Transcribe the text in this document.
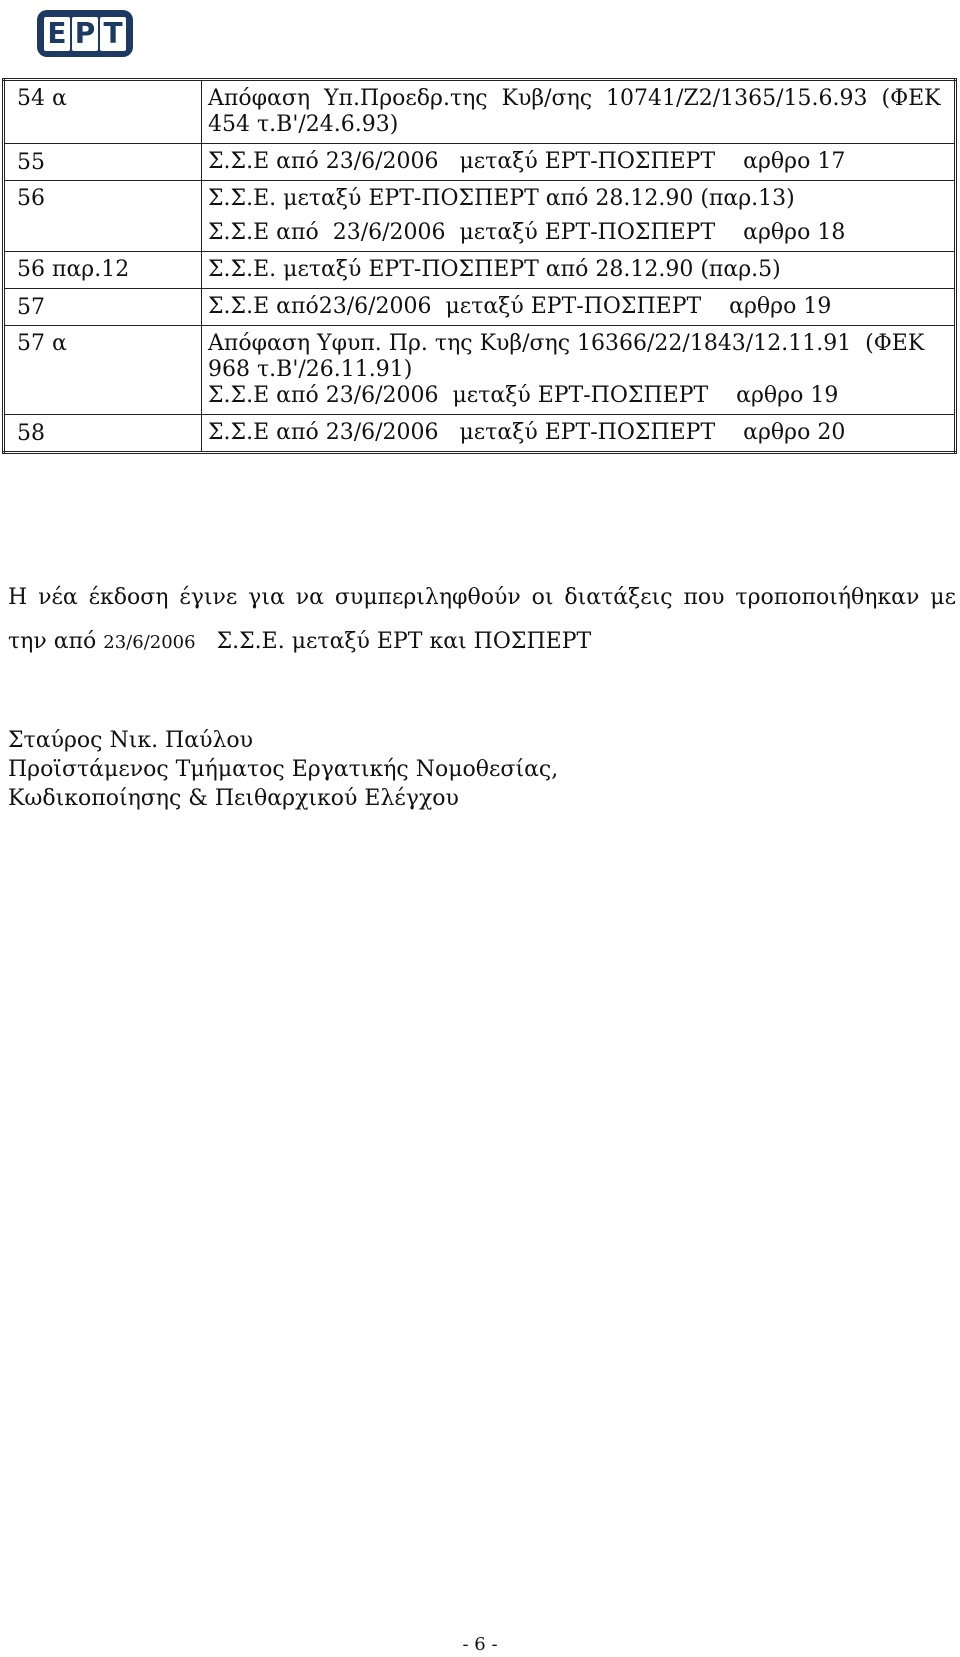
Ε Ρ Τ
54 α	Απόφαση  Υπ.Προεδρ.της  Κυβ/σης  10741/Ζ2/1365/15.6.93  (ΦΕΚ
454 τ.Β'/24.6.93)

55	Σ.Σ.Ε από 23/6/2006   μεταξύ ΕΡΤ-ΠΟΣΠΕΡΤ    αρθρο 17

56	Σ.Σ.Ε. μεταξύ ΕΡΤ-ΠΟΣΠΕΡΤ από 28.12.90 (παρ.13)
Σ.Σ.Ε από  23/6/2006  μεταξύ ΕΡΤ-ΠΟΣΠΕΡΤ    αρθρο 18

56 παρ.12	Σ.Σ.Ε. μεταξύ ΕΡΤ-ΠΟΣΠΕΡΤ από 28.12.90 (παρ.5)

57	Σ.Σ.Ε από23/6/2006  μεταξύ ΕΡΤ-ΠΟΣΠΕΡΤ    αρθρο 19

57 α	Απόφαση Υφυπ. Πρ. της Κυβ/σης 16366/22/1843/12.11.91  (ΦΕΚ
968 τ.Β'/26.11.91)
Σ.Σ.Ε από 23/6/2006  μεταξύ ΕΡΤ-ΠΟΣΠΕΡΤ    αρθρο 19

58	Σ.Σ.Ε από 23/6/2006   μεταξύ ΕΡΤ-ΠΟΣΠΕΡΤ    αρθρο 20
Η νέα έκδοση έγινε για να συμπεριληφθούν οι διατάξεις που τροποποιήθηκαν με
την από 23/6/2006 Σ.Σ.Ε. μεταξύ ΕΡΤ και ΠΟΣΠΕΡΤ
Σταύρος Νικ. Παύλου
Προϊστάμενος Τμήματος Εργατικής Νομοθεσίας,
Κωδικοποίησης & Πειθαρχικού Ελέγχου
- 6 -
